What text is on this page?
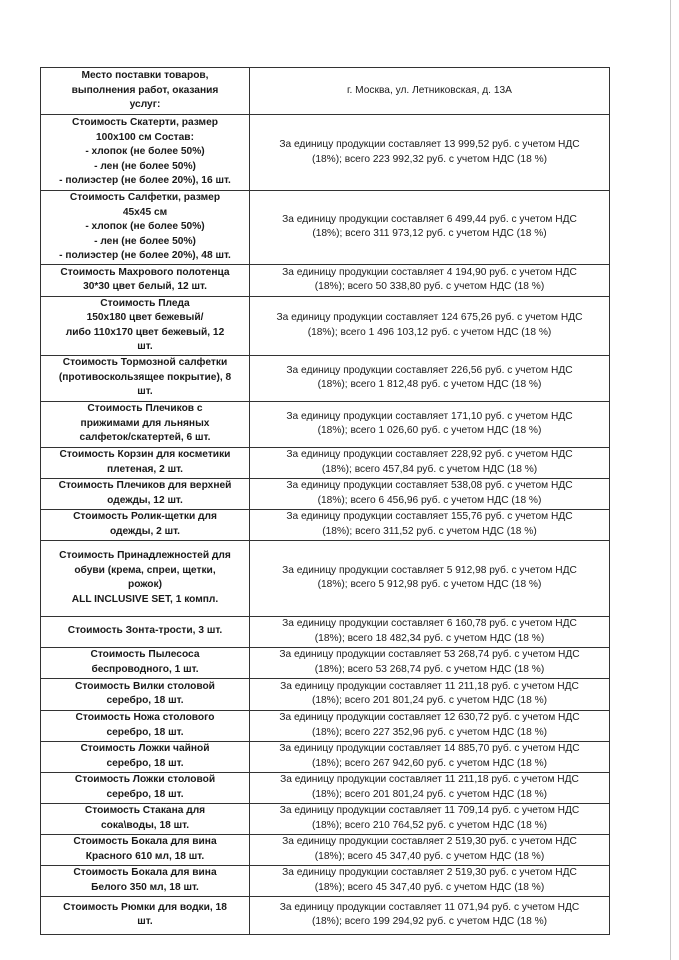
Место поставки товаров,
выполнения работ, оказания
услуг:	г. Москва, ул. Летниковская, д. 13А

Стоимость Скатерти, размер
100х100 см Состав:
- хлопок (не более 50%)
- лен (не более 50%)
- полиэстер (не более 20%), 16 шт.	За единицу продукции составляет 13 999,52 руб. с учетом НДС
(18%); всего 223 992,32 руб. с учетом НДС (18 %)

Стоимость Салфетки, размер
45х45 см
- хлопок (не более 50%)
- лен (не более 50%)
- полиэстер (не более 20%), 48 шт.	За единицу продукции составляет 6 499,44 руб. с учетом НДС
(18%); всего 311 973,12 руб. с учетом НДС (18 %)

Стоимость Махрового полотенца
30*30 цвет белый, 12 шт.	За единицу продукции составляет 4 194,90 руб. с учетом НДС
(18%); всего 50 338,80 руб. с учетом НДС (18 %)

Стоимость Пледа
150х180 цвет бежевый/
либо 110х170 цвет бежевый, 12
шт.	За единицу продукции составляет 124 675,26 руб. с учетом НДС
(18%); всего 1 496 103,12 руб. с учетом НДС (18 %)

Стоимость Тормозной салфетки
(противоскользящее покрытие), 8
шт.	За единицу продукции составляет 226,56 руб. с учетом НДС
(18%); всего 1 812,48 руб. с учетом НДС (18 %)

Стоимость Плечиков с
прижимами для льняных
салфеток/скатертей, 6 шт.	За единицу продукции составляет 171,10 руб. с учетом НДС
(18%); всего 1 026,60 руб. с учетом НДС (18 %)

Стоимость Корзин для косметики
плетеная, 2 шт.	За единицу продукции составляет 228,92 руб. с учетом НДС
(18%); всего 457,84 руб. с учетом НДС (18 %)

Стоимость Плечиков для верхней
одежды, 12 шт.	За единицу продукции составляет 538,08 руб. с учетом НДС
(18%); всего 6 456,96 руб. с учетом НДС (18 %)

Стоимость Ролик-щетки для
одежды, 2 шт.	За единицу продукции составляет 155,76 руб. с учетом НДС
(18%); всего 311,52 руб. с учетом НДС (18 %)

Стоимость Принадлежностей для
обуви (крема, спреи, щетки,
рожок)
ALL INCLUSIVE SET, 1 компл.	За единицу продукции составляет 5 912,98 руб. с учетом НДС
(18%); всего 5 912,98 руб. с учетом НДС (18 %)

Стоимость Зонта-трости, 3 шт.	За единицу продукции составляет 6 160,78 руб. с учетом НДС
(18%); всего 18 482,34 руб. с учетом НДС (18 %)

Стоимость Пылесоса
беспроводного, 1 шт.	За единицу продукции составляет 53 268,74 руб. с учетом НДС
(18%); всего 53 268,74 руб. с учетом НДС (18 %)

Стоимость Вилки столовой
серебро, 18 шт.	За единицу продукции составляет 11 211,18 руб. с учетом НДС
(18%); всего 201 801,24 руб. с учетом НДС (18 %)

Стоимость Ножа столового
серебро, 18 шт.	За единицу продукции составляет 12 630,72 руб. с учетом НДС
(18%); всего 227 352,96 руб. с учетом НДС (18 %)

Стоимость Ложки чайной
серебро, 18 шт.	За единицу продукции составляет 14 885,70 руб. с учетом НДС
(18%); всего 267 942,60 руб. с учетом НДС (18 %)

Стоимость Ложки столовой
серебро, 18 шт.	За единицу продукции составляет 11 211,18 руб. с учетом НДС
(18%); всего 201 801,24 руб. с учетом НДС (18 %)

Стоимость Стакана для
сока\воды, 18 шт.	За единицу продукции составляет 11 709,14 руб. с учетом НДС
(18%); всего 210 764,52 руб. с учетом НДС (18 %)

Стоимость Бокала для вина
Красного 610 мл, 18 шт.	За единицу продукции составляет 2 519,30 руб. с учетом НДС
(18%); всего 45 347,40 руб. с учетом НДС (18 %)

Стоимость Бокала для вина
Белого 350 мл, 18 шт.	За единицу продукции составляет 2 519,30 руб. с учетом НДС
(18%); всего 45 347,40 руб. с учетом НДС (18 %)

Стоимость Рюмки для водки, 18
шт.	За единицу продукции составляет 11 071,94 руб. с учетом НДС
(18%); всего 199 294,92 руб. с учетом НДС (18 %)
